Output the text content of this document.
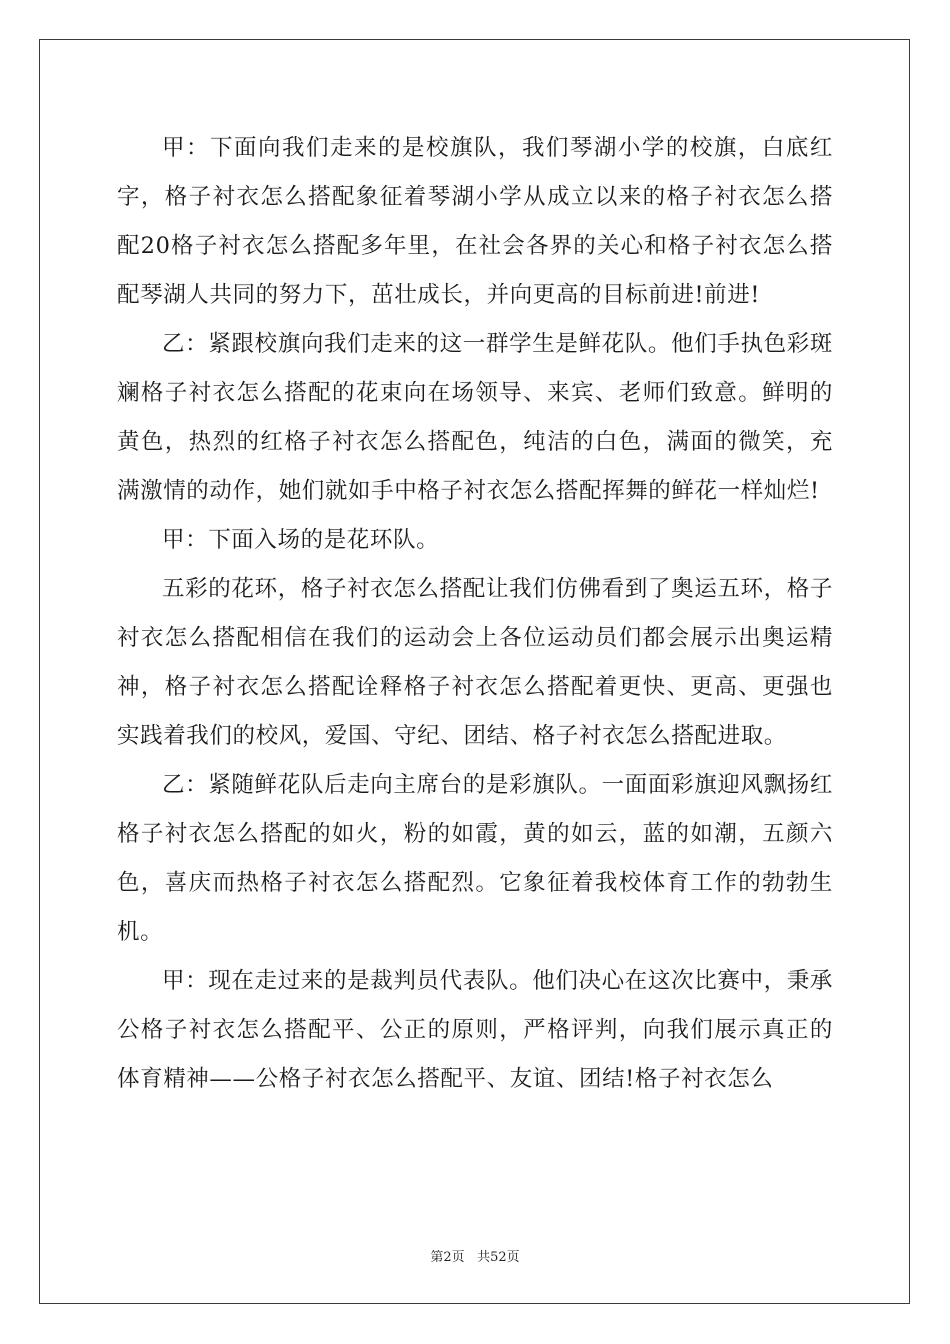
甲：下面向我们走来的是校旗队，我们琴湖小学的校旗，白底红字，格子衬衣怎么搭配象征着琴湖小学从成立以来的格子衬衣怎么搭配20格子衬衣怎么搭配多年里，在社会各界的关心和格子衬衣怎么搭配琴湖人共同的努力下，茁壮成长，并向更高的目标前进!前进!

乙：紧跟校旗向我们走来的这一群学生是鲜花队。他们手执色彩斑斓格子衬衣怎么搭配的花束向在场领导、来宾、老师们致意。鲜明的黄色，热烈的红格子衬衣怎么搭配色，纯洁的白色，满面的微笑，充满激情的动作，她们就如手中格子衬衣怎么搭配挥舞的鲜花一样灿烂!

甲：下面入场的是花环队。

五彩的花环，格子衬衣怎么搭配让我们仿佛看到了奥运五环，格子衬衣怎么搭配相信在我们的运动会上各位运动员们都会展示出奥运精神，格子衬衣怎么搭配诠释格子衬衣怎么搭配着更快、更高、更强也实践着我们的校风，爱国、守纪、团结、格子衬衣怎么搭配进取。

乙：紧随鲜花队后走向主席台的是彩旗队。一面面彩旗迎风飘扬红格子衬衣怎么搭配的如火，粉的如霞，黄的如云，蓝的如潮，五颜六色，喜庆而热格子衬衣怎么搭配烈。它象征着我校体育工作的勃勃生机。

甲：现在走过来的是裁判员代表队。他们决心在这次比赛中，秉承公格子衬衣怎么搭配平、公正的原则，严格评判，向我们展示真正的体育精神——公格子衬衣怎么搭配平、友谊、团结!格子衬衣怎么

第2页 共52页
